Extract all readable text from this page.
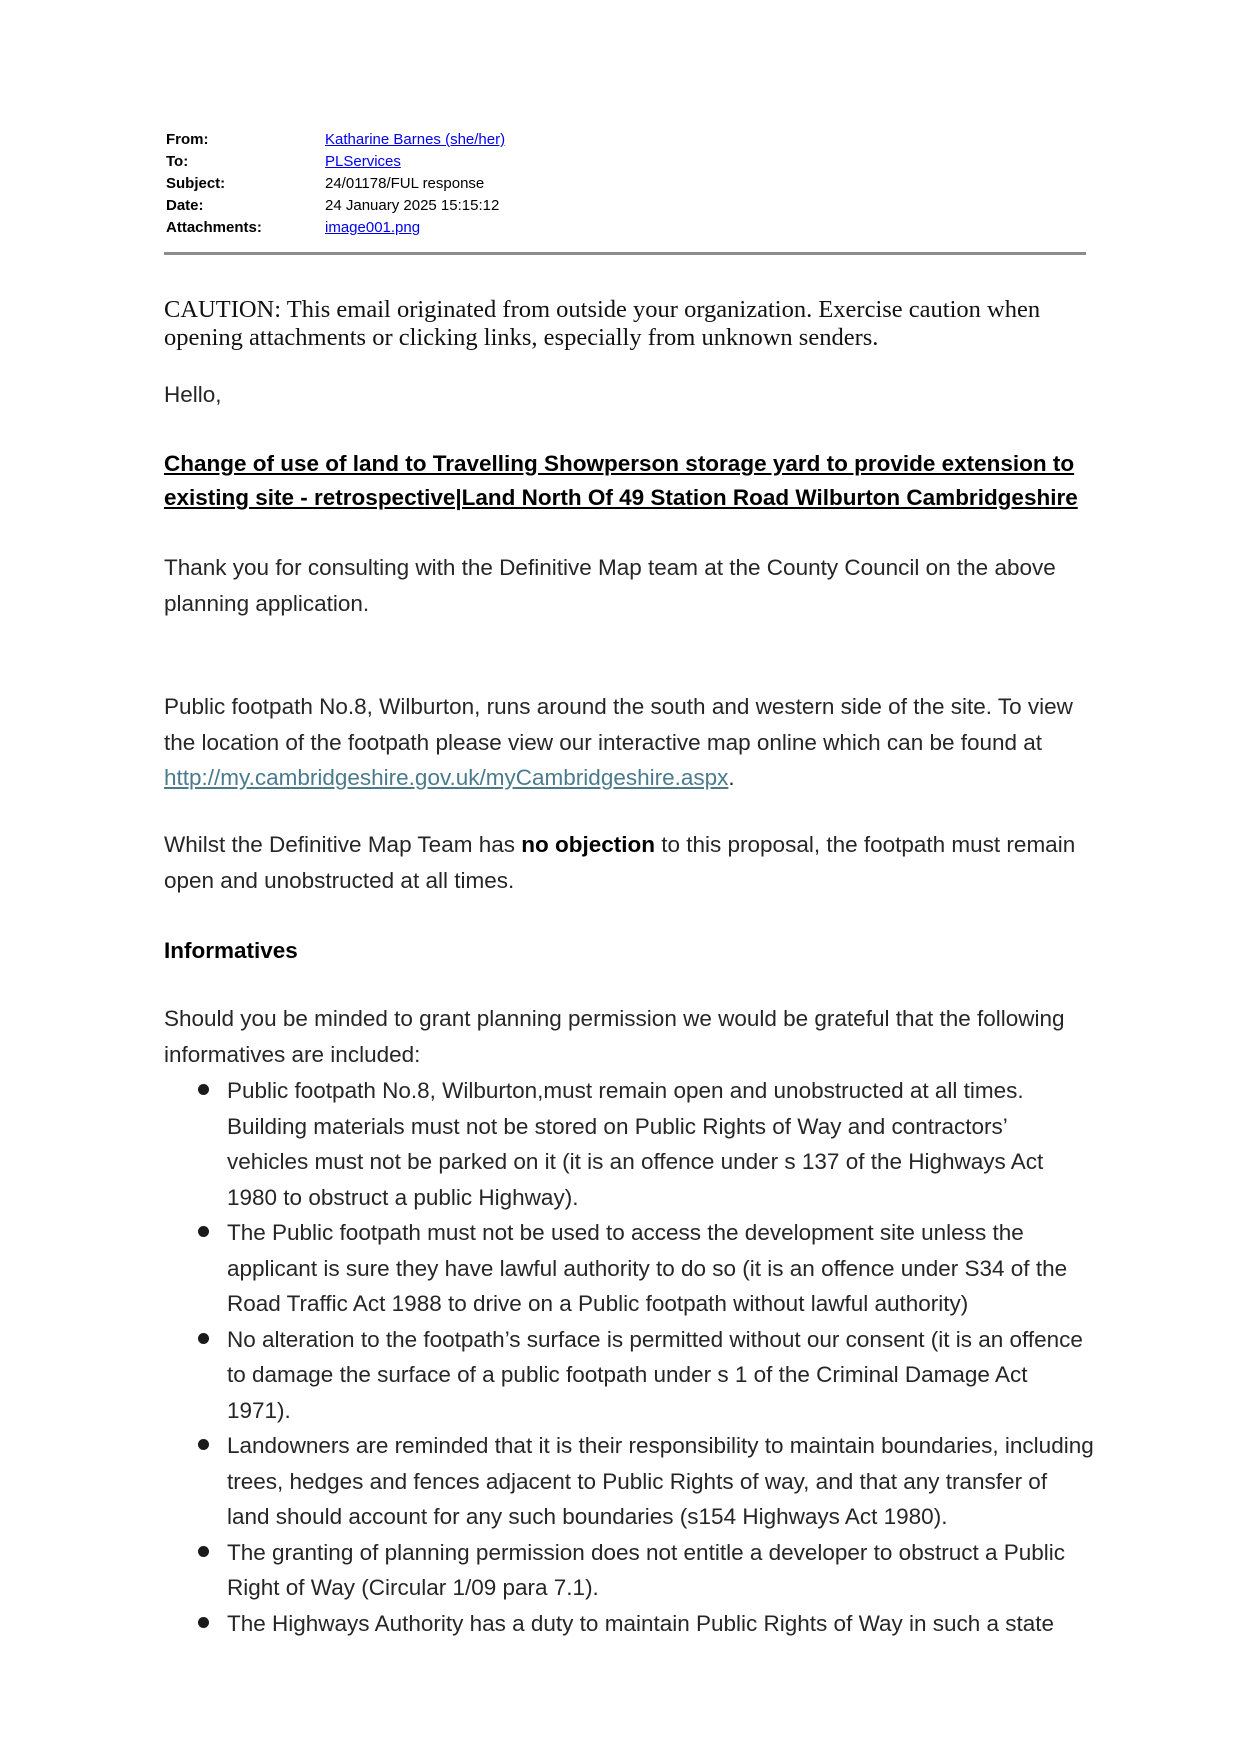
From:	Katharine Barnes (she/her)
To:	PLServices
Subject:	24/01178/FUL response
Date:	24 January 2025 15:15:12
Attachments:	image001.png
CAUTION: This email originated from outside your organization. Exercise caution when opening attachments or clicking links, especially from unknown senders.
Hello,
Change of use of land to Travelling Showperson storage yard to provide extension to existing site - retrospective|Land North Of 49 Station Road Wilburton Cambridgeshire
Thank you for consulting with the Definitive Map team at the County Council on the above planning application.
Public footpath No.8, Wilburton, runs around the south and western side of the site. To view the location of the footpath please view our interactive map online which can be found at http://my.cambridgeshire.gov.uk/myCambridgeshire.aspx.
Whilst the Definitive Map Team has no objection to this proposal, the footpath must remain open and unobstructed at all times.
Informatives
Should you be minded to grant planning permission we would be grateful that the following informatives are included:
Public footpath No.8, Wilburton,must remain open and unobstructed at all times. Building materials must not be stored on Public Rights of Way and contractors’ vehicles must not be parked on it (it is an offence under s 137 of the Highways Act 1980 to obstruct a public Highway).
The Public footpath must not be used to access the development site unless the applicant is sure they have lawful authority to do so (it is an offence under S34 of the Road Traffic Act 1988 to drive on a Public footpath without lawful authority)
No alteration to the footpath’s surface is permitted without our consent (it is an offence to damage the surface of a public footpath under s 1 of the Criminal Damage Act 1971).
Landowners are reminded that it is their responsibility to maintain boundaries, including trees, hedges and fences adjacent to Public Rights of way, and that any transfer of land should account for any such boundaries (s154 Highways Act 1980).
The granting of planning permission does not entitle a developer to obstruct a Public Right of Way (Circular 1/09 para 7.1).
The Highways Authority has a duty to maintain Public Rights of Way in such a state
